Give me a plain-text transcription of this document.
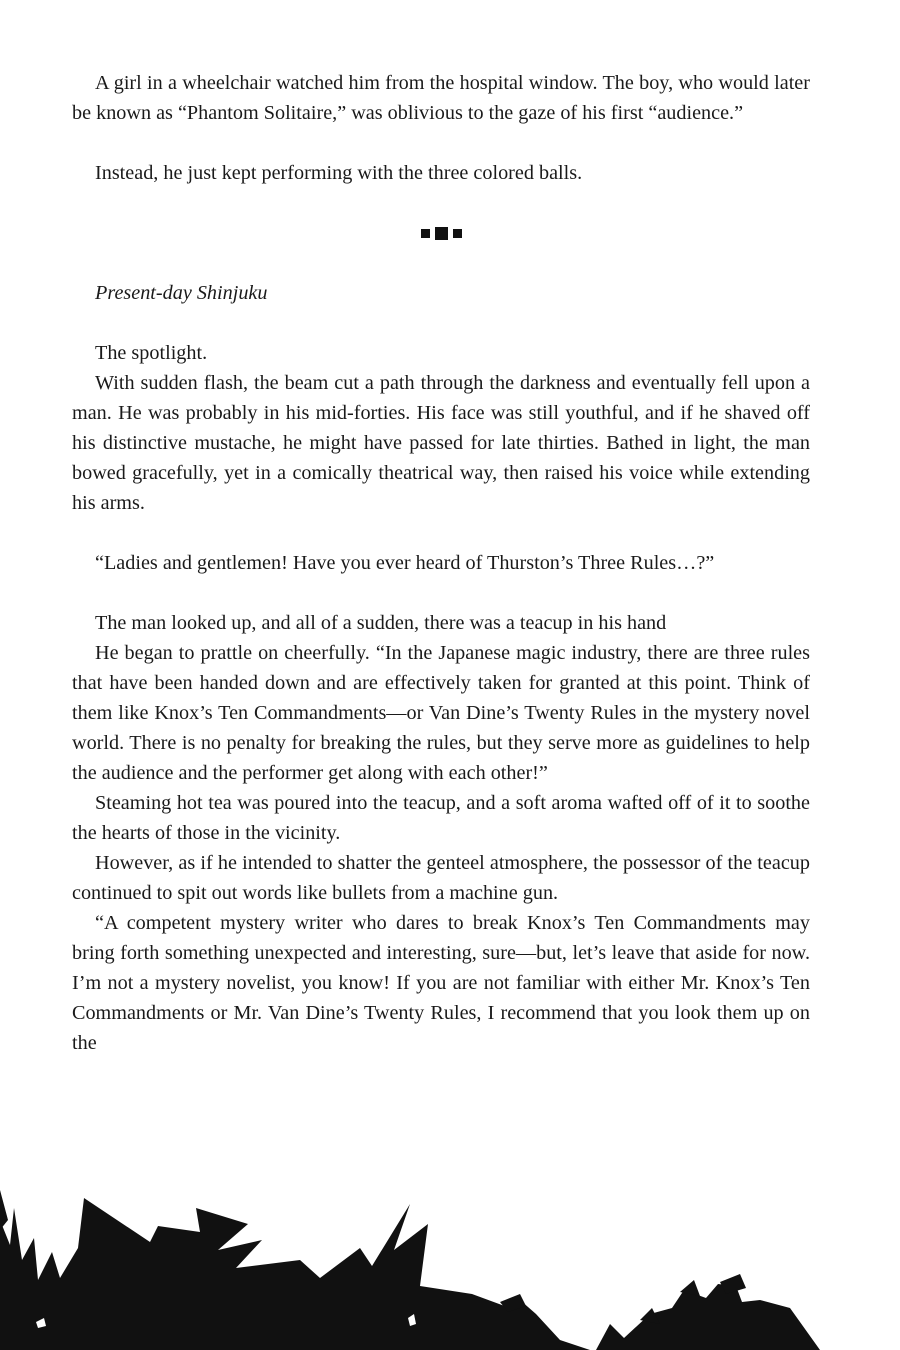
A girl in a wheelchair watched him from the hospital window. The boy, who would later be known as “Phantom Solitaire,” was oblivious to the gaze of his first “audience.”

Instead, he just kept performing with the three colored balls.

Present-day Shinjuku

The spotlight.

With sudden flash, the beam cut a path through the darkness and eventually fell upon a man. He was probably in his mid-forties. His face was still youthful, and if he shaved off his distinctive mustache, he might have passed for late thirties. Bathed in light, the man bowed gracefully, yet in a comically theatrical way, then raised his voice while extending his arms.

“Ladies and gentlemen! Have you ever heard of Thurston’s Three Rules…?”

The man looked up, and all of a sudden, there was a teacup in his hand

He began to prattle on cheerfully. “In the Japanese magic industry, there are three rules that have been handed down and are effectively taken for granted at this point. Think of them like Knox’s Ten Commandments—or Van Dine’s Twenty Rules in the mystery novel world. There is no penalty for breaking the rules, but they serve more as guidelines to help the audience and the performer get along with each other!”

Steaming hot tea was poured into the teacup, and a soft aroma wafted off of it to soothe the hearts of those in the vicinity.

However, as if he intended to shatter the genteel atmosphere, the possessor of the teacup continued to spit out words like bullets from a machine gun.

“A competent mystery writer who dares to break Knox’s Ten Commandments may bring forth something unexpected and interesting, sure—but, let’s leave that aside for now. I’m not a mystery novelist, you know! If you are not familiar with either Mr. Knox’s Ten Commandments or Mr. Van Dine’s Twenty Rules, I recommend that you look them up on the
